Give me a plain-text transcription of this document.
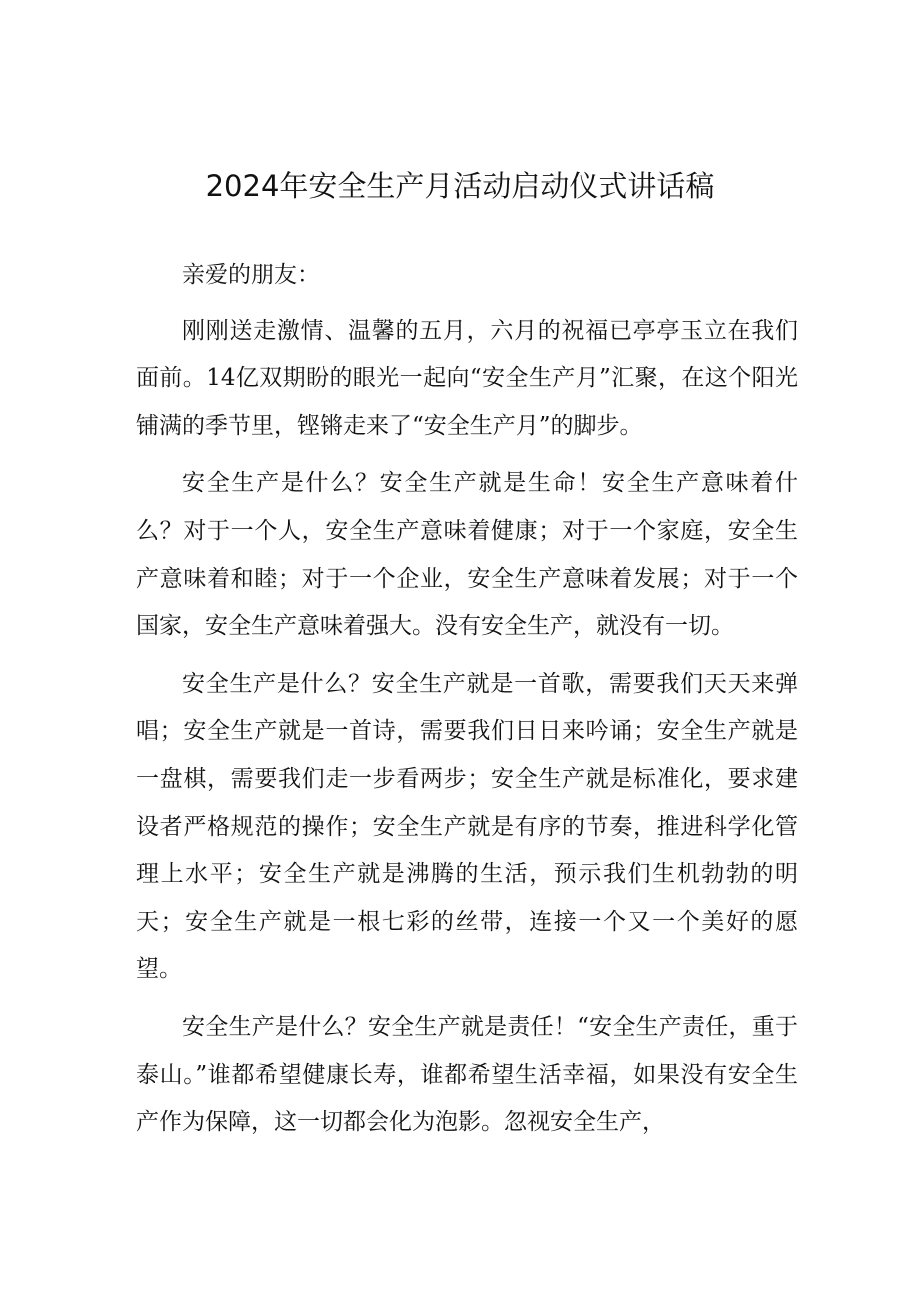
2024年安全生产月活动启动仪式讲话稿

亲爱的朋友：

刚刚送走激情、温馨的五月，六月的祝福已亭亭玉立在我们面前。14亿双期盼的眼光一起向“安全生产月”汇聚，在这个阳光铺满的季节里，铿锵走来了“安全生产月”的脚步。

安全生产是什么？安全生产就是生命！安全生产意味着什么？对于一个人，安全生产意味着健康；对于一个家庭，安全生产意味着和睦；对于一个企业，安全生产意味着发展；对于一个国家，安全生产意味着强大。没有安全生产，就没有一切。

安全生产是什么？安全生产就是一首歌，需要我们天天来弹唱；安全生产就是一首诗，需要我们日日来吟诵；安全生产就是一盘棋，需要我们走一步看两步；安全生产就是标准化，要求建设者严格规范的操作；安全生产就是有序的节奏，推进科学化管理上水平；安全生产就是沸腾的生活，预示我们生机勃勃的明天；安全生产就是一根七彩的丝带，连接一个又一个美好的愿望。

安全生产是什么？安全生产就是责任！“安全生产责任，重于泰山。”谁都希望健康长寿，谁都希望生活幸福，如果没有安全生产作为保障，这一切都会化为泡影。忽视安全生产，
